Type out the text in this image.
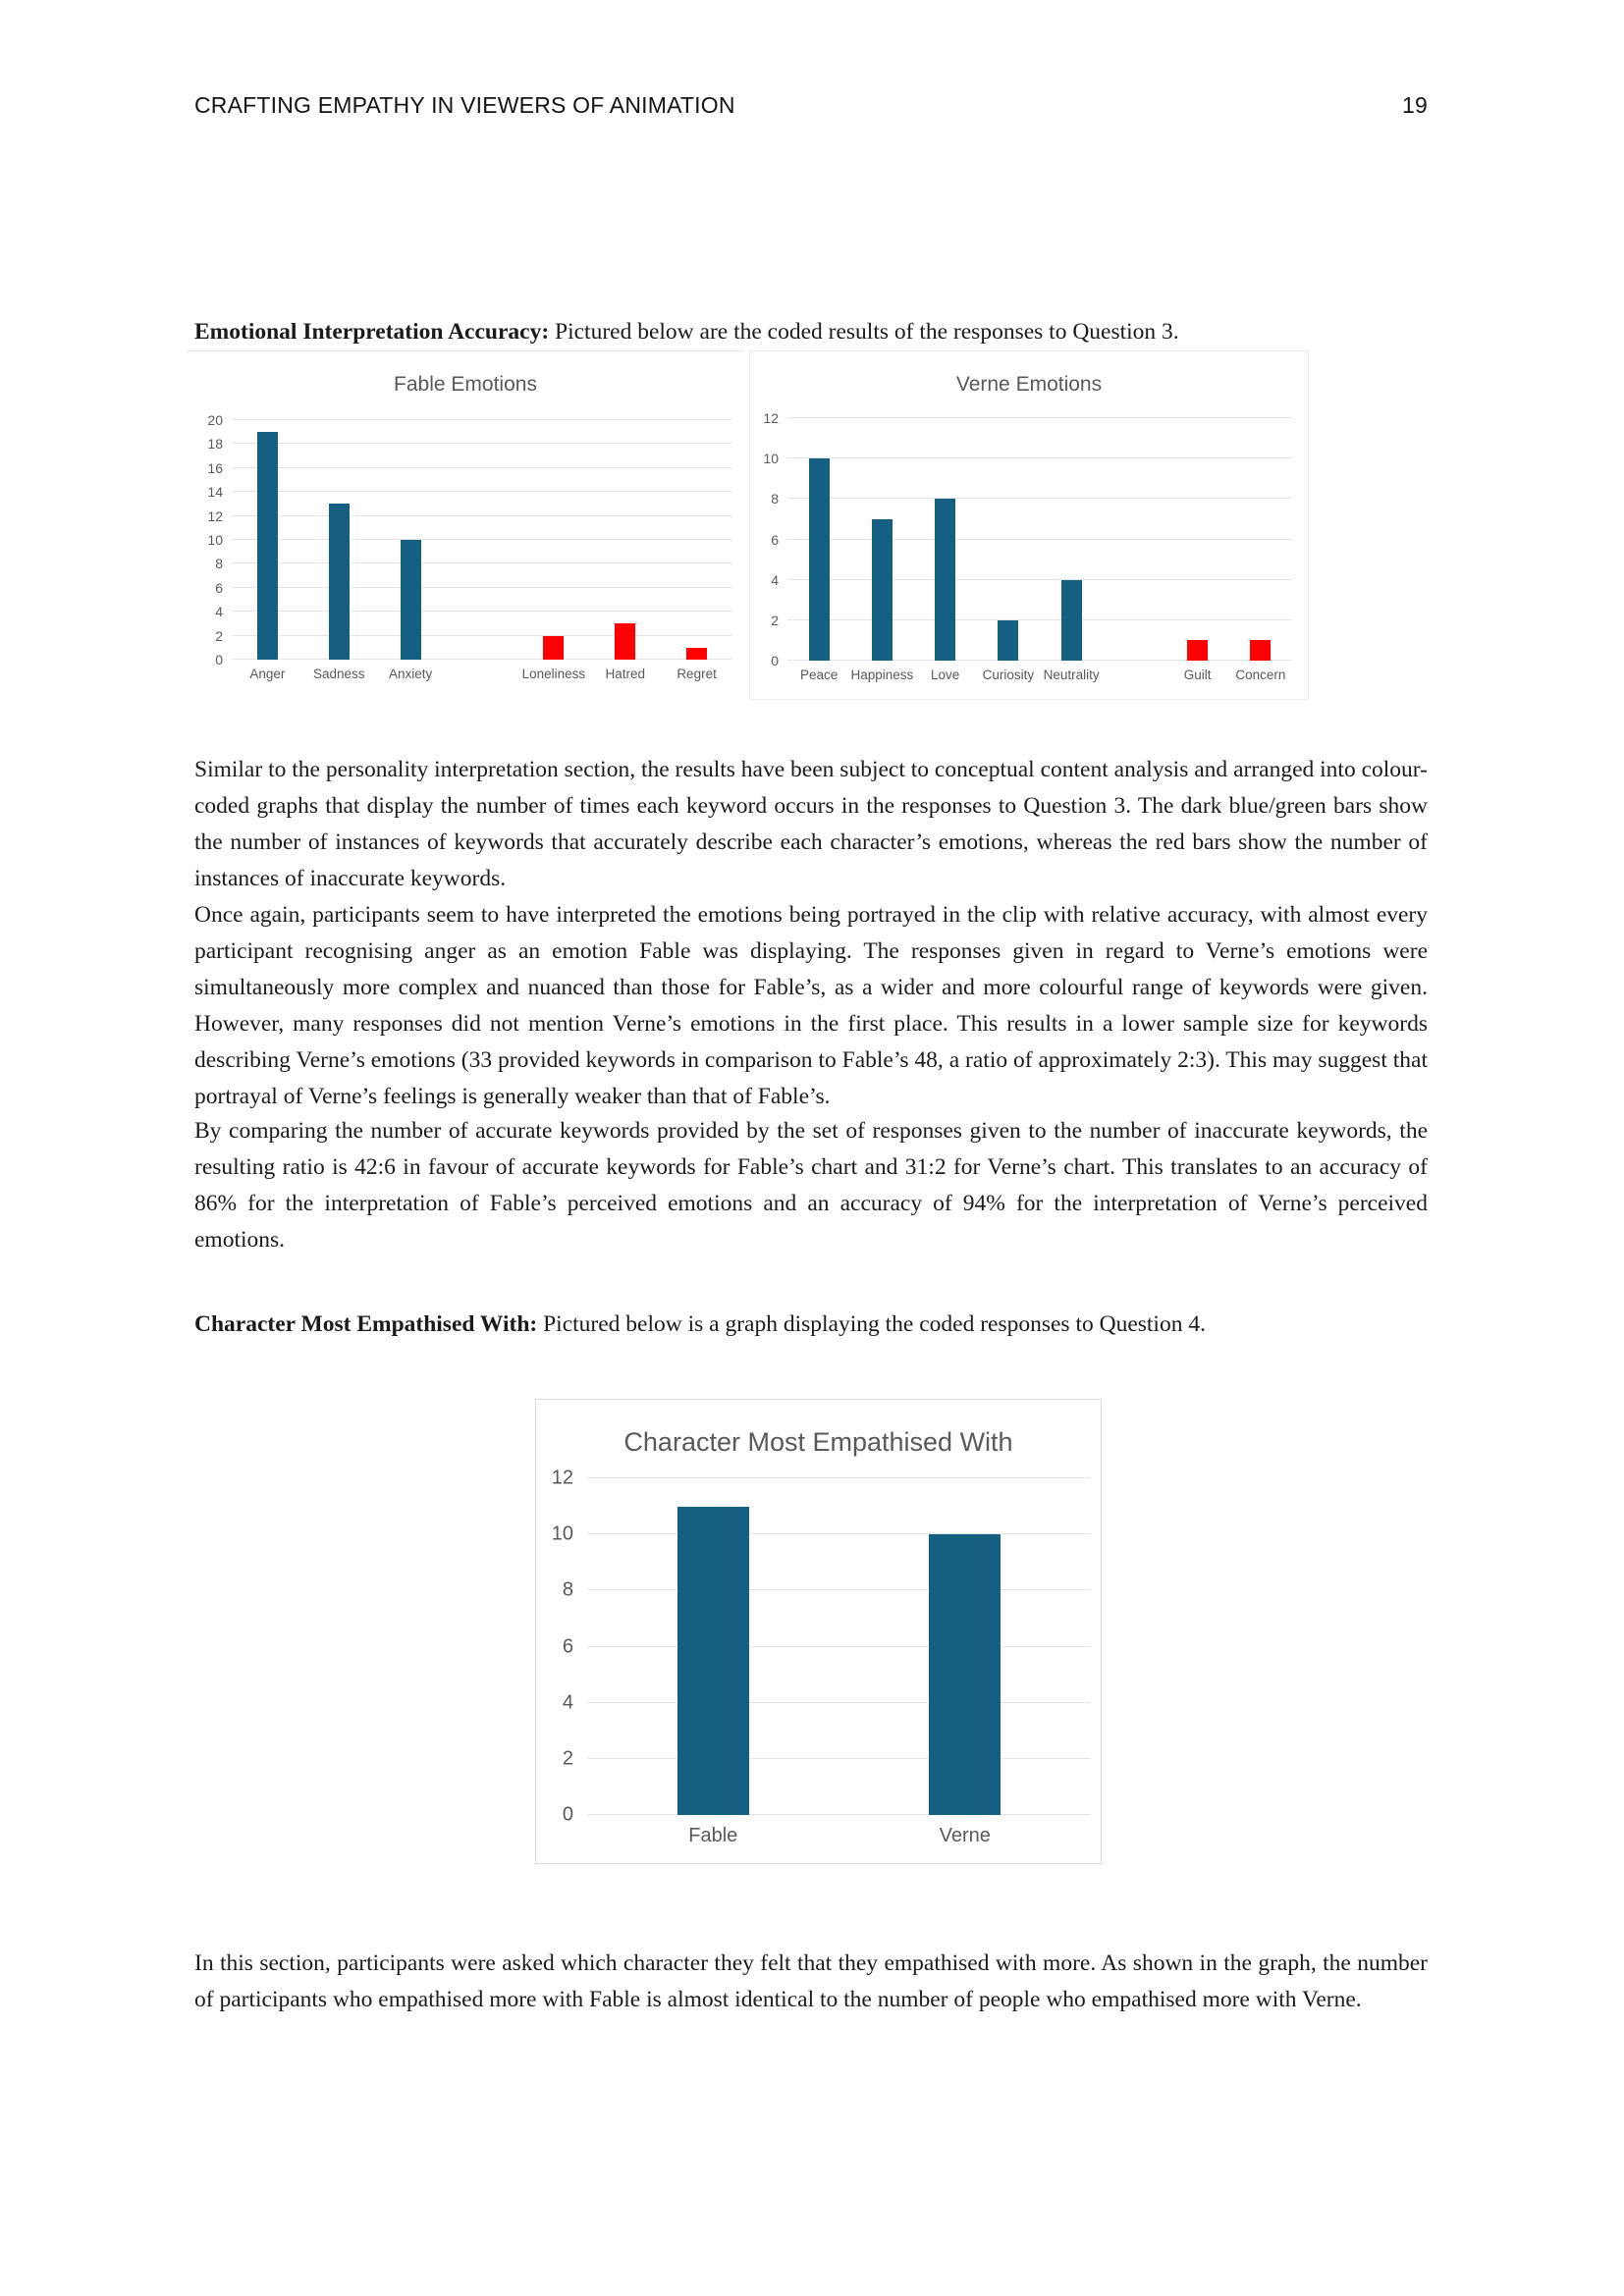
CRAFTING EMPATHY IN VIEWERS OF ANIMATION	19

Emotional Interpretation Accuracy: Pictured below are the coded results of the responses to Question 3.

Fable Emotions
0
2
4
6
8
10
12
14
16
18
20
Anger	Sadness	Anxiety	Loneliness	Hatred	Regret
Verne Emotions
0
2
4
6
8
10
12
Peace Happiness	Love	Curiosity Neutrality	Guilt	Concern

Similar to the personality interpretation section, the results have been subject to conceptual content analysis and arranged into colour-coded graphs that display the number of times each keyword occurs in the responses to Question 3. The dark blue/green bars show the number of instances of keywords that accurately describe each character’s emotions, whereas the red bars show the number of instances of inaccurate keywords.

Once again, participants seem to have interpreted the emotions being portrayed in the clip with relative accuracy, with almost every participant recognising anger as an emotion Fable was displaying. The responses given in regard to Verne’s emotions were simultaneously more complex and nuanced than those for Fable’s, as a wider and more colourful range of keywords were given. However, many responses did not mention Verne’s emotions in the first place. This results in a lower sample size for keywords describing Verne’s emotions (33 provided keywords in comparison to Fable’s 48, a ratio of approximately 2:3). This may suggest that portrayal of Verne’s feelings is generally weaker than that of Fable’s.

By comparing the number of accurate keywords provided by the set of responses given to the number of inaccurate keywords, the resulting ratio is 42:6 in favour of accurate keywords for Fable’s chart and 31:2 for Verne’s chart. This translates to an accuracy of 86% for the interpretation of Fable’s perceived emotions and an accuracy of 94% for the interpretation of Verne’s perceived emotions.

Character Most Empathised With: Pictured below is a graph displaying the coded responses to Question 4.

Character Most Empathised With
0
2
4
6
8
10
12
Fable	Verne

In this section, participants were asked which character they felt that they empathised with more. As shown in the graph, the number of participants who empathised more with Fable is almost identical to the number of people who empathised more with Verne.
